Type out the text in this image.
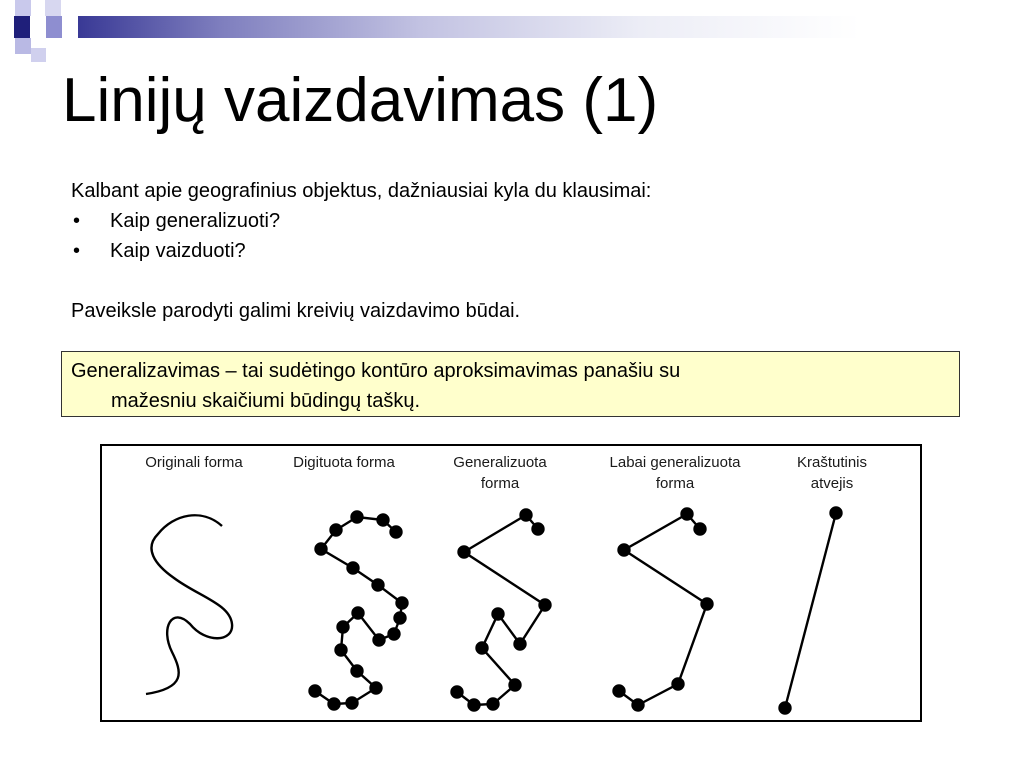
Linijų vaizdavimas (1)

Kalbant apie geografinius objektus, dažniausiai kyla du klausimai:

• Kaip generalizuoti?

• Kaip vaizduoti?

Paveiksle parodyti galimi kreivių vaizdavimo būdai.

Generalizavimas – tai sudėtingo kontūro aproksimavimas panašiu su
mažesniu skaičiumi būdingų taškų.
Originali forma	Digituota forma	Generalizuota
forma
Labai generalizuota
forma
Kraštutinis
atvejis
